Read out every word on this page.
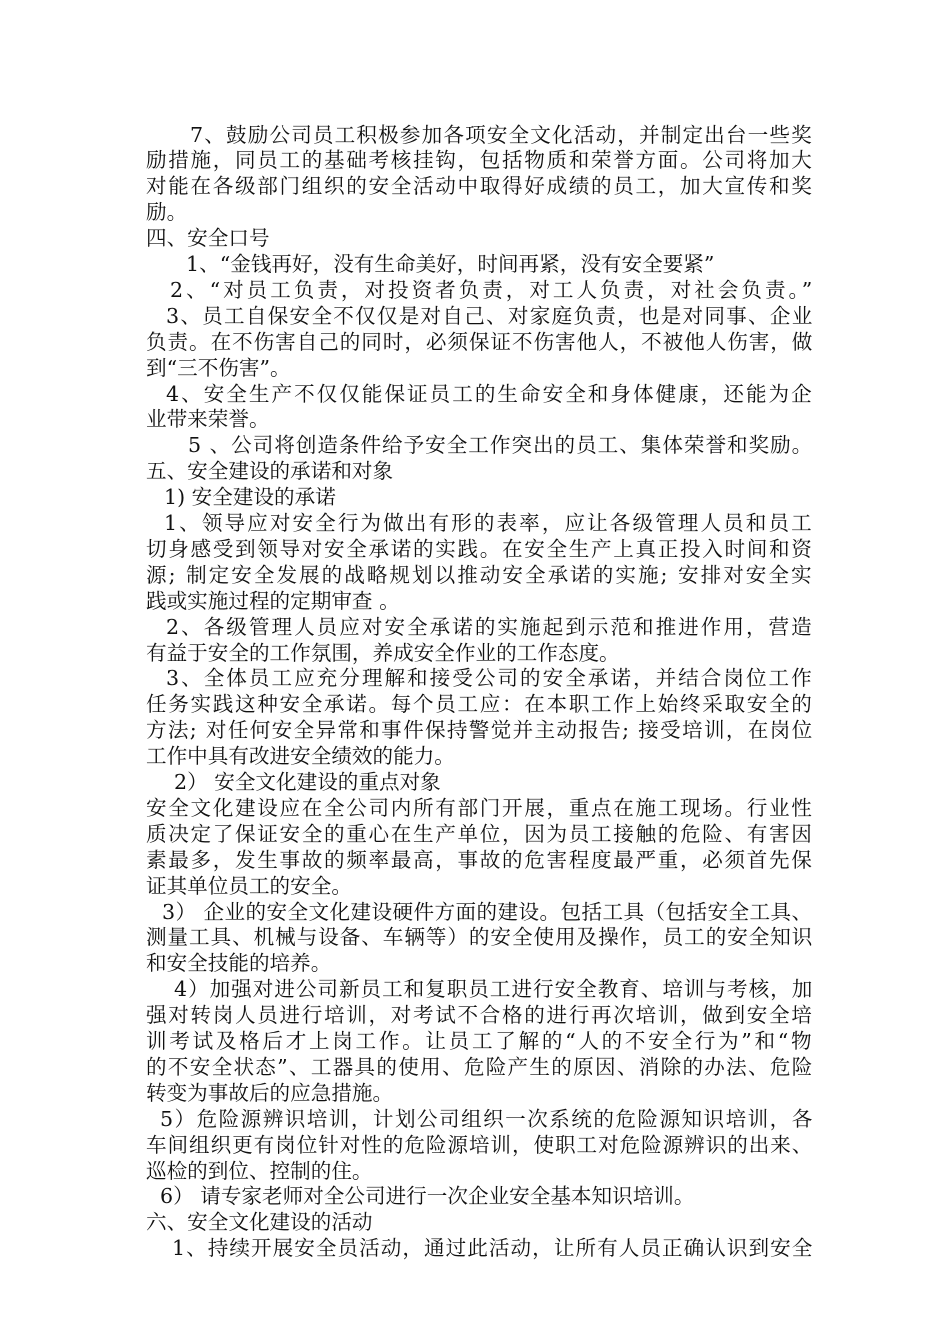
7、鼓励公司员工积极参加各项安全文化活动，并制定出台一些奖
励措施，同员工的基础考核挂钩，包括物质和荣誉方面。公司将加大
对能在各级部门组织的安全活动中取得好成绩的员工，加大宣传和奖
励。
四、安全口号
1、“金钱再好，没有生命美好，时间再紧，没有安全要紧”
2、“对员工负责，对投资者负责，对工人负责，对社会负责。”
3、员工自保安全不仅仅是对自己、对家庭负责，也是对同事、企业
负责。在不伤害自己的同时，必须保证不伤害他人，不被他人伤害，做
到“三不伤害”。
4、安全生产不仅仅能保证员工的生命安全和身体健康，还能为企
业带来荣誉。
5 、公司将创造条件给予安全工作突出的员工、集体荣誉和奖励。
五、安全建设的承诺和对象
1) 安全建设的承诺
1、领导应对安全行为做出有形的表率，应让各级管理人员和员工
切身感受到领导对安全承诺的实践。在安全生产上真正投入时间和资
源; 制定安全发展的战略规划以推动安全承诺的实施; 安排对安全实
践或实施过程的定期审查 。
2、各级管理人员应对安全承诺的实施起到示范和推进作用，营造
有益于安全的工作氛围，养成安全作业的工作态度。
3、全体员工应充分理解和接受公司的安全承诺，并结合岗位工作
任务实践这种安全承诺。每个员工应：在本职工作上始终采取安全的
方法; 对任何安全异常和事件保持警觉并主动报告; 接受培训，在岗位
工作中具有改进安全绩效的能力。
2） 安全文化建设的重点对象
安全文化建设应在全公司内所有部门开展，重点在施工现场。行业性
质决定了保证安全的重心在生产单位，因为员工接触的危险、有害因
素最多，发生事故的频率最高，事故的危害程度最严重，必须首先保
证其单位员工的安全。
3） 企业的安全文化建设硬件方面的建设。包括工具（包括安全工具、
测量工具、机械与设备、车辆等）的安全使用及操作，员工的安全知识
和安全技能的培养。
4）加强对进公司新员工和复职员工进行安全教育、培训与考核，加
强对转岗人员进行培训，对考试不合格的进行再次培训，做到安全培
训考试及格后才上岗工作。让员工了解的“人的不安全行为”和“物
的不安全状态”、工器具的使用、危险产生的原因、消除的办法、危险
转变为事故后的应急措施。
5）危险源辨识培训，计划公司组织一次系统的危险源知识培训，各
车间组织更有岗位针对性的危险源培训，使职工对危险源辨识的出来、
巡检的到位、控制的住。
6） 请专家老师对全公司进行一次企业安全基本知识培训。
六、安全文化建设的活动
1、持续开展安全员活动，通过此活动，让所有人员正确认识到安全
